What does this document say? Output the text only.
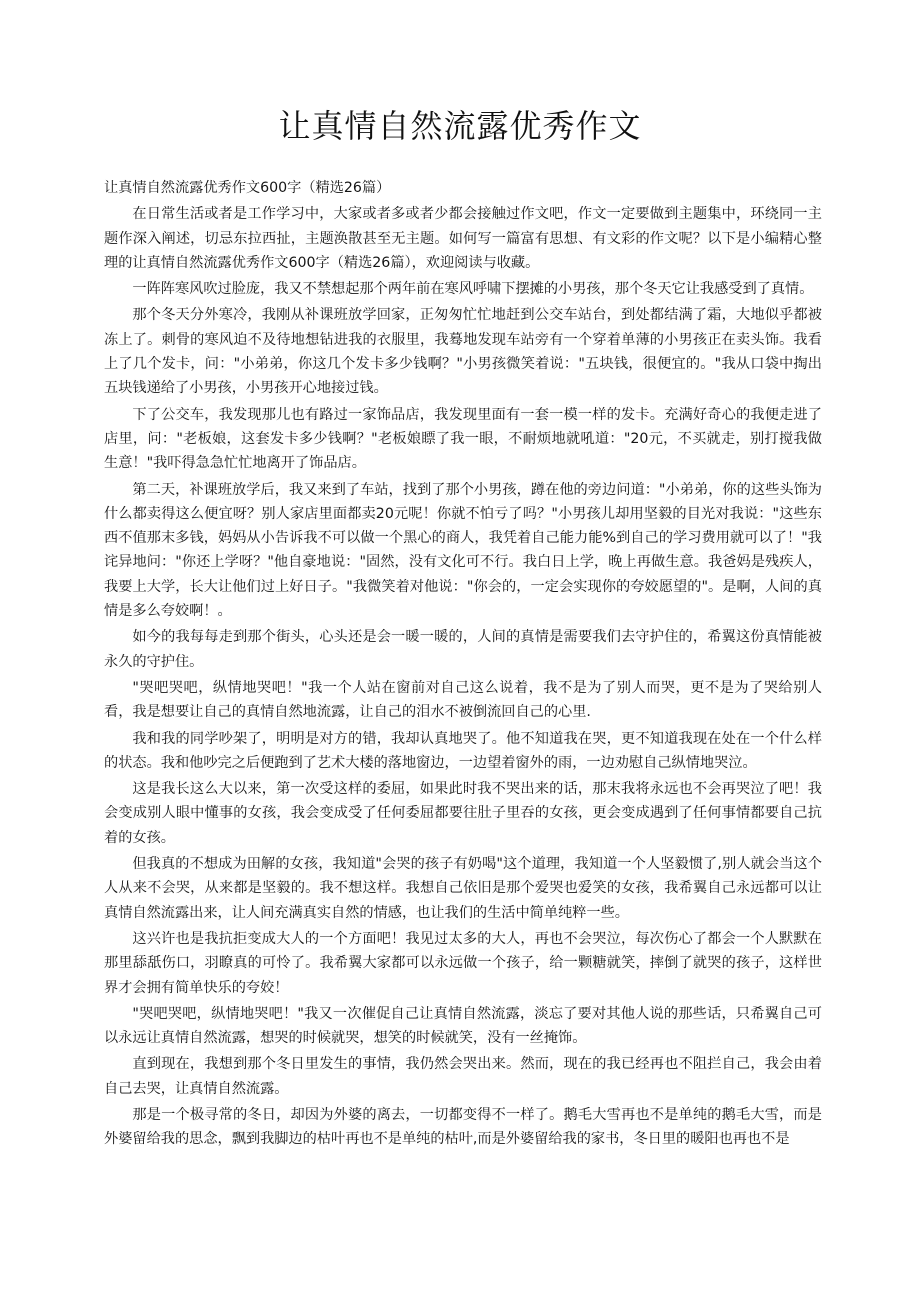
让真情自然流露优秀作文

让真情自然流露优秀作文600字（精选26篇）

在日常生活或者是工作学习中，大家或者多或者少都会接触过作文吧，作文一定要做到主题集中，环绕同一主题作深入阐述，切忌东拉西扯，主题涣散甚至无主题。如何写一篇富有思想、有文彩的作文呢？以下是小编精心整理的让真情自然流露优秀作文600字（精选26篇），欢迎阅读与收藏。

一阵阵寒风吹过脸庞，我又不禁想起那个两年前在寒风呼啸下摆摊的小男孩，那个冬天它让我感受到了真情。

那个冬天分外寒冷，我刚从补课班放学回家，正匆匆忙忙地赶到公交车站台，到处都结满了霜，大地似乎都被冻上了。刺骨的寒风迫不及待地想钻进我的衣服里，我蓦地发现车站旁有一个穿着单薄的小男孩正在卖头饰。我看上了几个发卡，问："小弟弟，你这几个发卡多少钱啊？"小男孩微笑着说："五块钱，很便宜的。"我从口袋中掏出五块钱递给了小男孩，小男孩开心地接过钱。

下了公交车，我发现那儿也有路过一家饰品店，我发现里面有一套一模一样的发卡。充满好奇心的我便走进了店里，问："老板娘，这套发卡多少钱啊？"老板娘瞟了我一眼，不耐烦地就吼道："20元，不买就走，别打搅我做生意！"我吓得急急忙忙地离开了饰品店。

第二天，补课班放学后，我又来到了车站，找到了那个小男孩，蹲在他的旁边问道："小弟弟，你的这些头饰为什么都卖得这么便宜呀？别人家店里面都卖20元呢！你就不怕亏了吗？"小男孩儿却用坚毅的目光对我说："这些东西不值那末多钱，妈妈从小告诉我不可以做一个黑心的商人，我凭着自己能力能%到自己的学习费用就可以了！"我诧异地问："你还上学呀？"他自豪地说："固然，没有文化可不行。我白日上学，晚上再做生意。我爸妈是残疾人，我要上大学，长大让他们过上好日子。"我微笑着对他说："你会的，一定会实现你的夸姣愿望的"。是啊，人间的真情是多么夸姣啊！。

如今的我每每走到那个街头，心头还是会一暖一暖的，人间的真情是需要我们去守护住的，希翼这份真情能被永久的守护住。

"哭吧哭吧，纵情地哭吧！"我一个人站在窗前对自己这么说着，我不是为了别人而哭，更不是为了哭给别人看，我是想要让自己的真情自然地流露，让自己的泪水不被倒流回自己的心里.

我和我的同学吵架了，明明是对方的错，我却认真地哭了。他不知道我在哭，更不知道我现在处在一个什么样的状态。我和他吵完之后便跑到了艺术大楼的落地窗边，一边望着窗外的雨，一边劝慰自己纵情地哭泣。

这是我长这么大以来，第一次受这样的委屈，如果此时我不哭出来的话，那末我将永远也不会再哭泣了吧！我会变成别人眼中懂事的女孩，我会变成受了任何委屈都要往肚子里吞的女孩，更会变成遇到了任何事情都要自己抗着的女孩。

但我真的不想成为田解的女孩，我知道"会哭的孩子有奶喝"这个道理，我知道一个人坚毅惯了,别人就会当这个人从来不会哭，从来都是坚毅的。我不想这样。我想自己依旧是那个爱哭也爱笑的女孩，我希翼自己永远都可以让真情自然流露出来，让人间充满真实自然的情感，也让我们的生活中简单纯粹一些。

这兴许也是我抗拒变成大人的一个方面吧！我见过太多的大人，再也不会哭泣，每次伤心了都会一个人默默在那里舔舐伤口，羽瞭真的可怜了。我希翼大家都可以永远做一个孩子，给一颗糖就笑，摔倒了就哭的孩子，这样世界才会拥有简单快乐的夸姣！

"哭吧哭吧，纵情地哭吧！"我又一次催促自己让真情自然流露，淡忘了要对其他人说的那些话，只希翼自己可以永远让真情自然流露，想哭的时候就哭，想笑的时候就笑，没有一丝掩饰。

直到现在，我想到那个冬日里发生的事情，我仍然会哭出来。然而，现在的我已经再也不阻拦自己，我会由着自己去哭，让真情自然流露。

那是一个极寻常的冬日，却因为外婆的离去，一切都变得不一样了。鹅毛大雪再也不是单纯的鹅毛大雪，而是外婆留给我的思念，飘到我脚边的枯叶再也不是单纯的枯叶,而是外婆留给我的家书，冬日里的暖阳也再也不是
